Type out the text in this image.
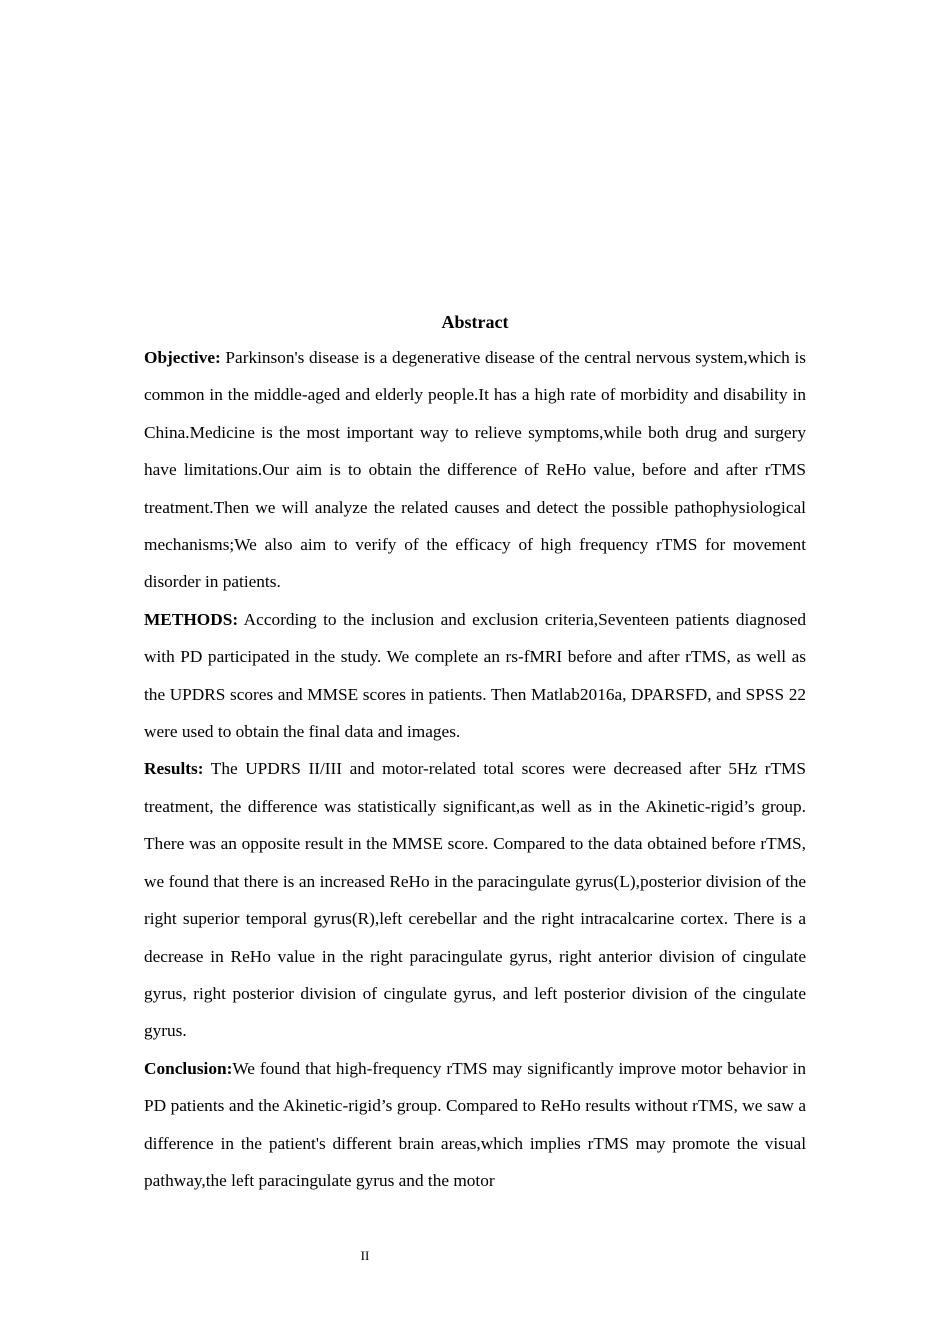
Abstract

Objective: Parkinson's disease is a degenerative disease of the central nervous system,which is common in the middle-aged and elderly people.It has a high rate of morbidity and disability in China.Medicine is the most important way to relieve symptoms,while both drug and surgery have limitations.Our aim is to obtain the difference of ReHo value, before and after rTMS treatment.Then we will analyze the related causes and detect the possible pathophysiological mechanisms;We also aim to verify of the efficacy of high frequency rTMS for movement disorder in patients.

METHODS: According to the inclusion and exclusion criteria,Seventeen patients diagnosed with PD participated in the study. We complete an rs-fMRI before and after rTMS, as well as the UPDRS scores and MMSE scores in patients. Then Matlab2016a, DPARSFD, and SPSS 22 were used to obtain the final data and images.

Results: The UPDRS II/III and motor-related total scores were decreased after 5Hz rTMS treatment, the difference was statistically significant,as well as in the Akinetic-rigid’s group. There was an opposite result in the MMSE score. Compared to the data obtained before rTMS, we found that there is an increased ReHo in the paracingulate gyrus(L),posterior division of the right superior temporal gyrus(R),left cerebellar and the right intracalcarine cortex. There is a decrease in ReHo value in the right paracingulate gyrus, right anterior division of cingulate gyrus, right posterior division of cingulate gyrus, and left posterior division of the cingulate gyrus.

Conclusion:We found that high-frequency rTMS may significantly improve motor behavior in PD patients and the Akinetic-rigid’s group. Compared to ReHo results without rTMS, we saw a difference in the patient's different brain areas,which implies rTMS may promote the visual pathway,the left paracingulate gyrus and the motor

II
